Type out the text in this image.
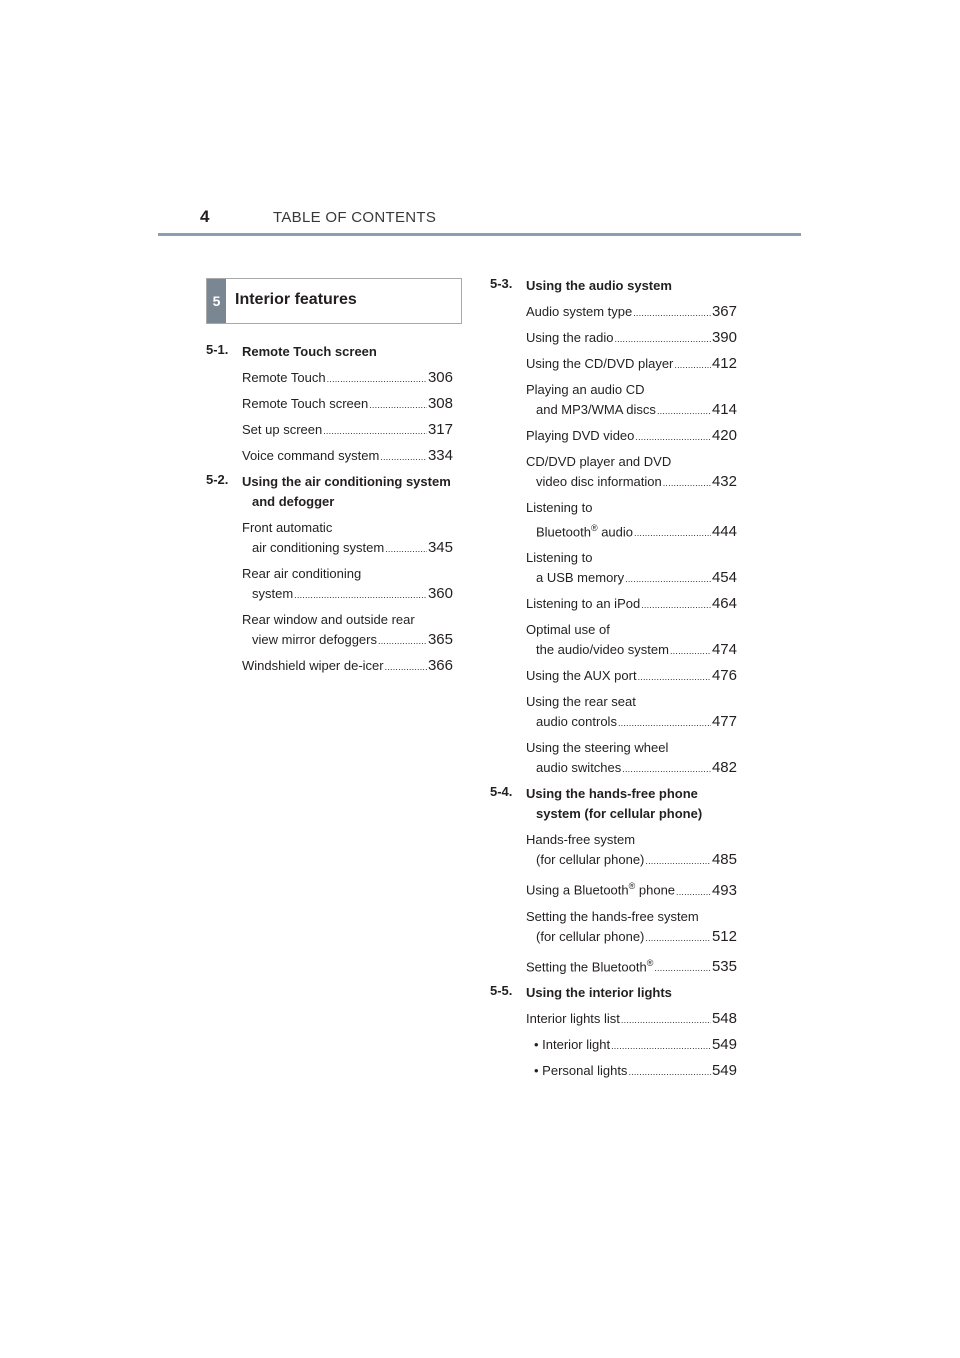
4	TABLE OF CONTENTS
5 Interior features
5-1. Remote Touch screen
Remote Touch .....	306
Remote Touch screen .....	308
Set up screen .....	317
Voice command system .....	334
5-2. Using the air conditioning system and defogger
Front automatic
air conditioning system .....	345
Rear air conditioning
system .....	360
Rear window and outside rear
view mirror defoggers .....	365
Windshield wiper de-icer .....	366
5-3. Using the audio system
Audio system type .....	367
Using the radio .....	390
Using the CD/DVD player .....	412
Playing an audio CD
and MP3/WMA discs .....	414
Playing DVD video .....	420
CD/DVD player and DVD
video disc information .....	432
Listening to
Bluetooth® audio .....	444
Listening to
a USB memory .....	454
Listening to an iPod .....	464
Optimal use of
the audio/video system .....	474
Using the AUX port .....	476
Using the rear seat
audio controls .....	477
Using the steering wheel
audio switches .....	482
5-4. Using the hands-free phone system (for cellular phone)
Hands-free system
(for cellular phone) .....	485
Using a Bluetooth® phone ..... 493
Setting the hands-free system
(for cellular phone) .....	512
Setting the Bluetooth® .....	535
5-5. Using the interior lights
Interior lights list .....	548
• Interior light .....	549
• Personal lights .....	549
